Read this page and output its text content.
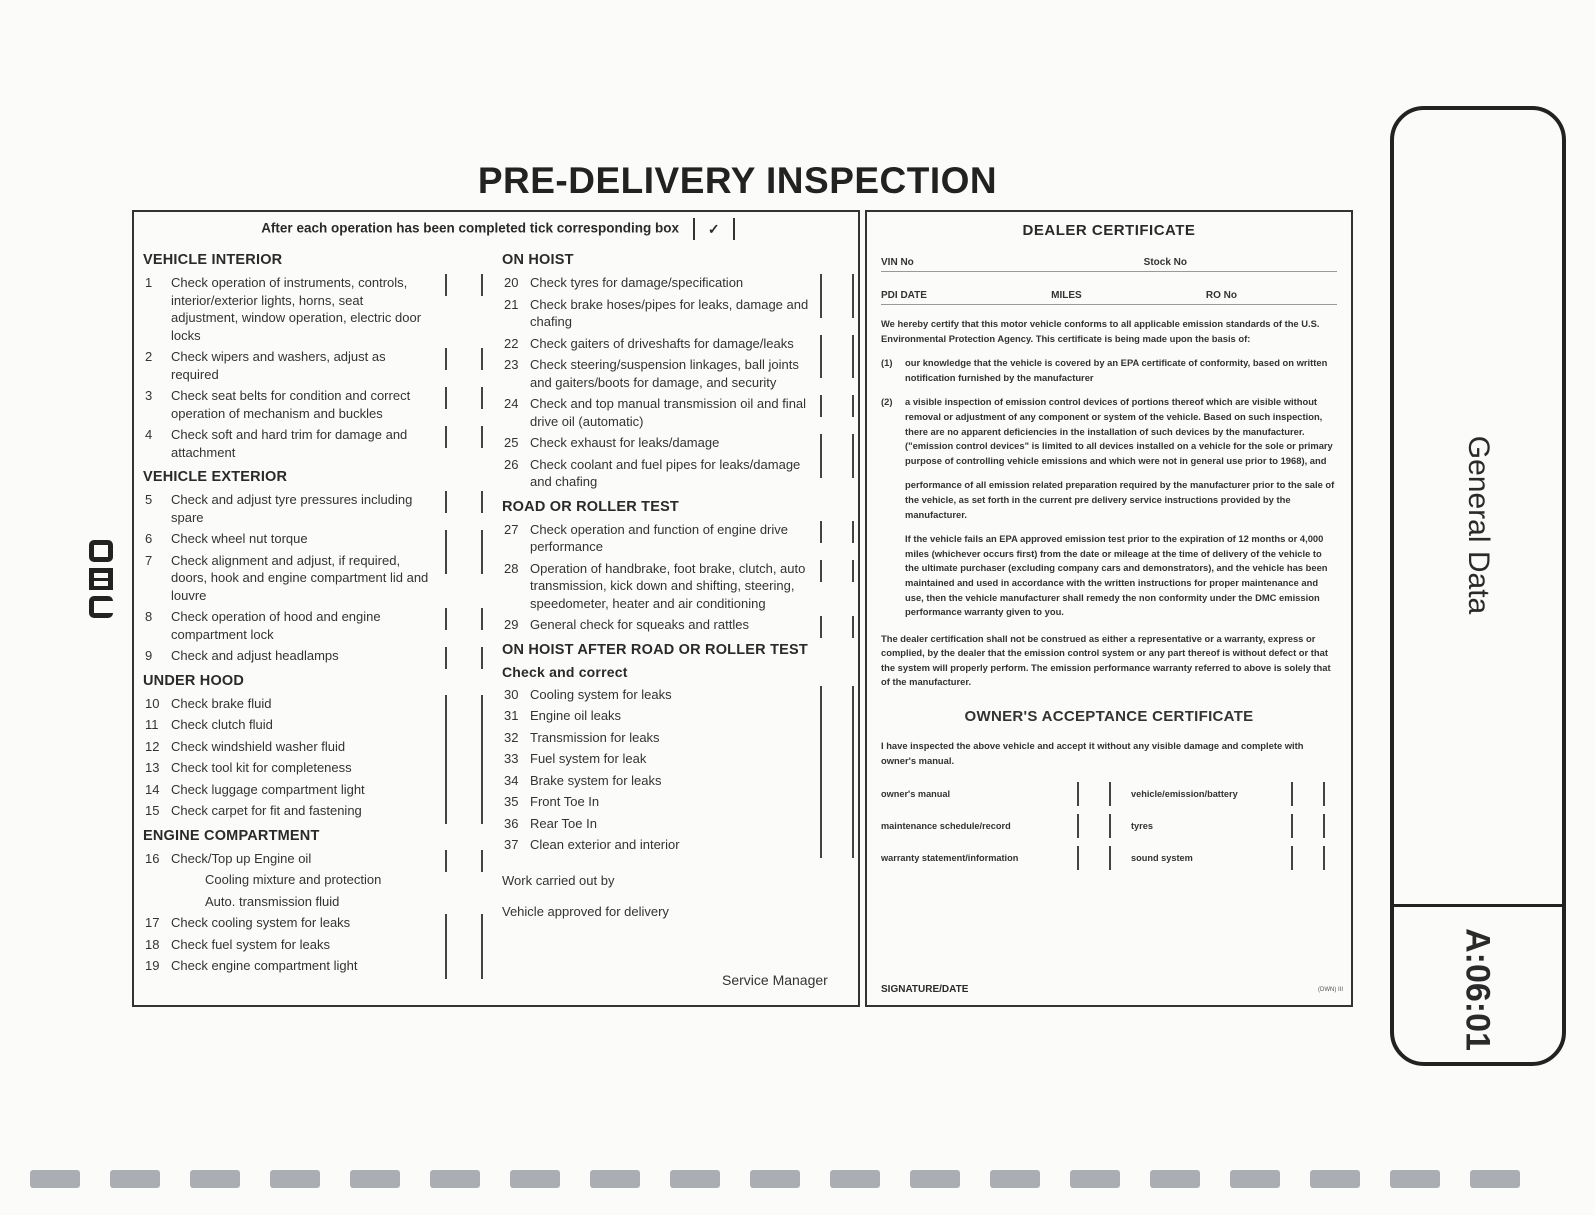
PRE-DELIVERY INSPECTION
After each operation has been completed tick corresponding box ✓
VEHICLE INTERIOR
1	Check operation of instruments, controls, interior/exterior lights, horns, seat adjustment, window operation, electric door locks
2	Check wipers and washers, adjust as required
3	Check seat belts for condition and correct operation of mechanism and buckles
4	Check soft and hard trim for damage and attachment
VEHICLE EXTERIOR
5	Check and adjust tyre pressures including spare
6	Check wheel nut torque
7	Check alignment and adjust, if required, doors, hook and engine compartment lid and louvre
8	Check operation of hood and engine compartment lock
9	Check and adjust headlamps
UNDER HOOD
10 Check brake fluid
11 Check clutch fluid
12 Check windshield washer fluid
13 Check tool kit for completeness
14 Check luggage compartment light
15 Check carpet for fit and fastening
ENGINE COMPARTMENT
16 Check/Top up Engine oil
Cooling mixture and protection
Auto. transmission fluid
17 Check cooling system for leaks
18 Check fuel system for leaks
19 Check engine compartment light
ON HOIST
20 Check tyres for damage/specification
21 Check brake hoses/pipes for leaks, damage and chafing
22 Check gaiters of driveshafts for damage/leaks
23 Check steering/suspension linkages, ball joints and gaiters/boots for damage, and security
24 Check and top manual transmission oil and final drive oil (automatic)
25 Check exhaust for leaks/damage
26 Check coolant and fuel pipes for leaks/damage and chafing
ROAD OR ROLLER TEST
27 Check operation and function of engine drive performance
28 Operation of handbrake, foot brake, clutch, auto transmission, kick down and shifting, steering, speedometer, heater and air conditioning
29 General check for squeaks and rattles
ON HOIST AFTER ROAD OR ROLLER TEST
Check and correct
30 Cooling system for leaks
31 Engine oil leaks
32 Transmission for leaks
33 Fuel system for leak
34 Brake system for leaks
35 Front Toe In
36 Rear Toe In
37 Clean exterior and interior
Work carried out by
Vehicle approved for delivery
Service Manager
DEALER CERTIFICATE
VIN No	Stock No
PDI DATE	MILES	RO No
We hereby certify that this motor vehicle conforms to all applicable emission standards of the U.S. Environmental Protection Agency. This certificate is being made upon the basis of:
(1) our knowledge that the vehicle is covered by an EPA certificate of conformity, based on written notification furnished by the manufacturer
(2) a visible inspection of emission control devices of portions thereof which are visible without removal or adjustment of any component or system of the vehicle. Based on such inspection, there are no apparent deficiencies in the installation of such devices by the manufacturer. ("emission control devices" is limited to all devices installed on a vehicle for the sole or primary purpose of controlling vehicle emissions and which were not in general use prior to 1968), and
performance of all emission related preparation required by the manufacturer prior to the sale of the vehicle, as set forth in the current pre delivery service instructions provided by the manufacturer.
If the vehicle fails an EPA approved emission test prior to the expiration of 12 months or 4,000 miles (whichever occurs first) from the date or mileage at the time of delivery of the vehicle to the ultimate purchaser (excluding company cars and demonstrators), and the vehicle has been maintained and used in accordance with the written instructions for proper maintenance and use, then the vehicle manufacturer shall remedy the non conformity under the DMC emission performance warranty given to you.
The dealer certification shall not be construed as either a representative or a warranty, express or complied, by the dealer that the emission control system or any part thereof is without defect or that the system will properly perform. The emission performance warranty referred to above is solely that of the manufacturer.
OWNER'S ACCEPTANCE CERTIFICATE
I have inspected the above vehicle and accept it without any visible damage and complete with owner's manual.
owner's manual	vehicle/emission/battery
maintenance schedule/record	tyres
warranty statement/information	sound system
SIGNATURE/DATE	(DWN) III
General Data
A:06:01
